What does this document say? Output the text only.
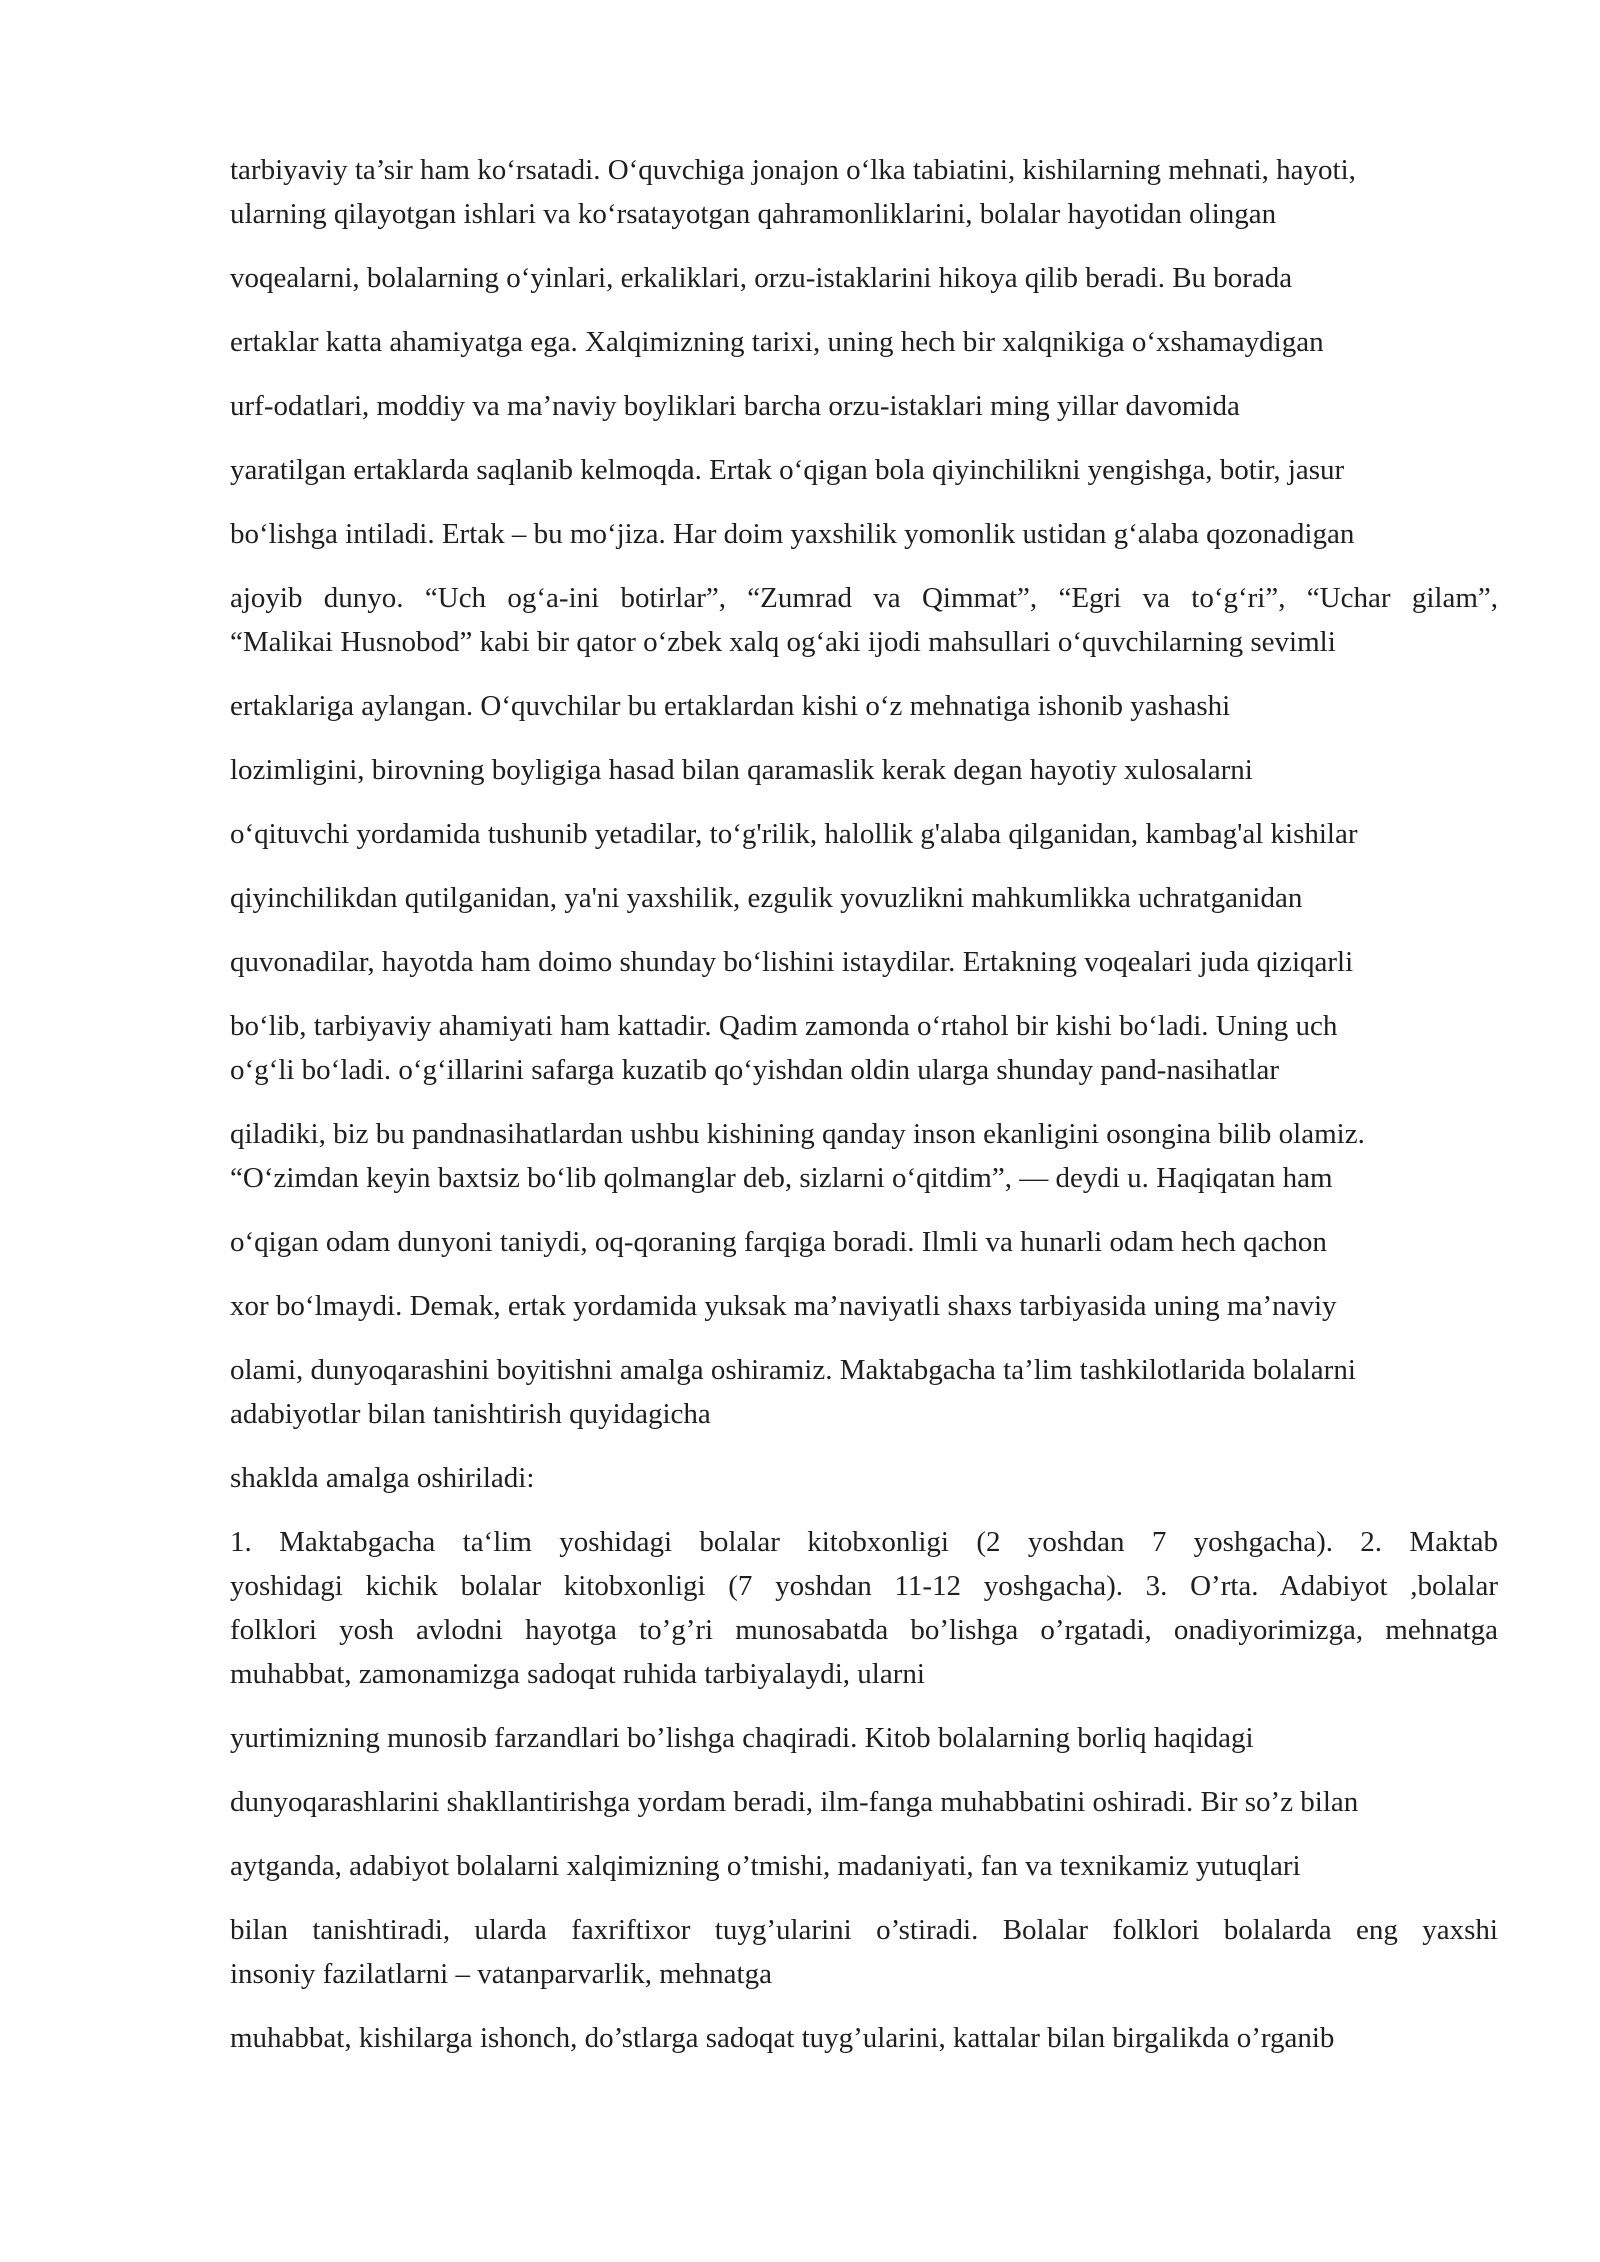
tarbiyaviy ta’sir ham ko‘rsatadi. O‘quvchiga jonajon o‘lka tabiatini, kishilarning mehnati, hayoti,

ularning qilayotgan ishlari va ko‘rsatayotgan qahramonliklarini, bolalar hayotidan olingan

voqealarni, bolalarning o‘yinlari, erkaliklari, orzu-istaklarini hikoya qilib beradi. Bu borada

ertaklar katta ahamiyatga ega. Xalqimizning tarixi, uning hech bir xalqnikiga o‘xshamaydigan

urf-odatlari, moddiy va ma’naviy boyliklari barcha orzu-istaklari ming yillar davomida

yaratilgan ertaklarda saqlanib kelmoqda. Ertak o‘qigan bola qiyinchilikni yengishga, botir, jasur

bo‘lishga intiladi. Ertak – bu mo‘jiza. Har doim yaxshilik yomonlik ustidan g‘alaba qozonadigan

ajoyib dunyo. “Uch og‘a-ini botirlar”, “Zumrad va Qimmat”, “Egri va to‘g‘ri”, “Uchar gilam”,

“Malikai Husnobod” kabi bir qator o‘zbek xalq og‘aki ijodi mahsullari o‘quvchilarning sevimli

ertaklariga aylangan. O‘quvchilar bu ertaklardan kishi o‘z mehnatiga ishonib yashashi

lozimligini, birovning boyligiga hasad bilan qaramaslik kerak degan hayotiy xulosalarni

o‘qituvchi yordamida tushunib yetadilar, to‘g'rilik, halollik g'alaba qilganidan, kambag'al kishilar

qiyinchilikdan qutilganidan, ya'ni yaxshilik, ezgulik yovuzlikni mahkumlikka uchratganidan

quvonadilar, hayotda ham doimo shunday bo‘lishini istaydilar. Ertakning voqealari juda qiziqarli

bo‘lib, tarbiyaviy ahamiyati ham kattadir. Qadim zamonda o‘rtahol bir kishi bo‘ladi. Uning uch

o‘g‘li bo‘ladi. o‘g‘illarini safarga kuzatib qo‘yishdan oldin ularga shunday pand-nasihatlar

qiladiki, biz bu pandnasihatlardan ushbu kishining qanday inson ekanligini osongina bilib olamiz.

“O‘zimdan keyin baxtsiz bo‘lib qolmanglar deb, sizlarni o‘qitdim”, — deydi u. Haqiqatan ham

o‘qigan odam dunyoni taniydi, oq-qoraning farqiga boradi. Ilmli va hunarli odam hech qachon

xor bo‘lmaydi. Demak, ertak yordamida yuksak ma’naviyatli shaxs tarbiyasida uning ma’naviy

olami, dunyoqarashini boyitishni amalga oshiramiz. Maktabgacha ta’lim tashkilotlarida bolalarni

adabiyotlar bilan tanishtirish quyidagicha

shaklda amalga oshiriladi:

1. Maktabgacha ta‘lim yoshidagi bolalar kitobxonligi (2 yoshdan 7 yoshgacha). 2. Maktab

yoshidagi kichik bolalar kitobxonligi (7 yoshdan 11-12 yoshgacha). 3. O’rta. Adabiyot ,bolalar

folklori yosh avlodni hayotga to’g’ri munosabatda bo’lishga o’rgatadi, onadiyorimizga, mehnatga

muhabbat, zamonamizga sadoqat ruhida tarbiyalaydi, ularni

yurtimizning munosib farzandlari bo’lishga chaqiradi. Kitob bolalarning borliq haqidagi

dunyoqarashlarini shakllantirishga yordam beradi, ilm-fanga muhabbatini oshiradi. Bir so’z bilan

aytganda, adabiyot bolalarni xalqimizning o’tmishi, madaniyati, fan va texnikamiz yutuqlari

bilan tanishtiradi, ularda faxriftixor tuyg’ularini o’stiradi. Bolalar folklori bolalarda eng yaxshi

insoniy fazilatlarni – vatanparvarlik, mehnatga

muhabbat, kishilarga ishonch, do’stlarga sadoqat tuyg’ularini, kattalar bilan birgalikda o’rganib
